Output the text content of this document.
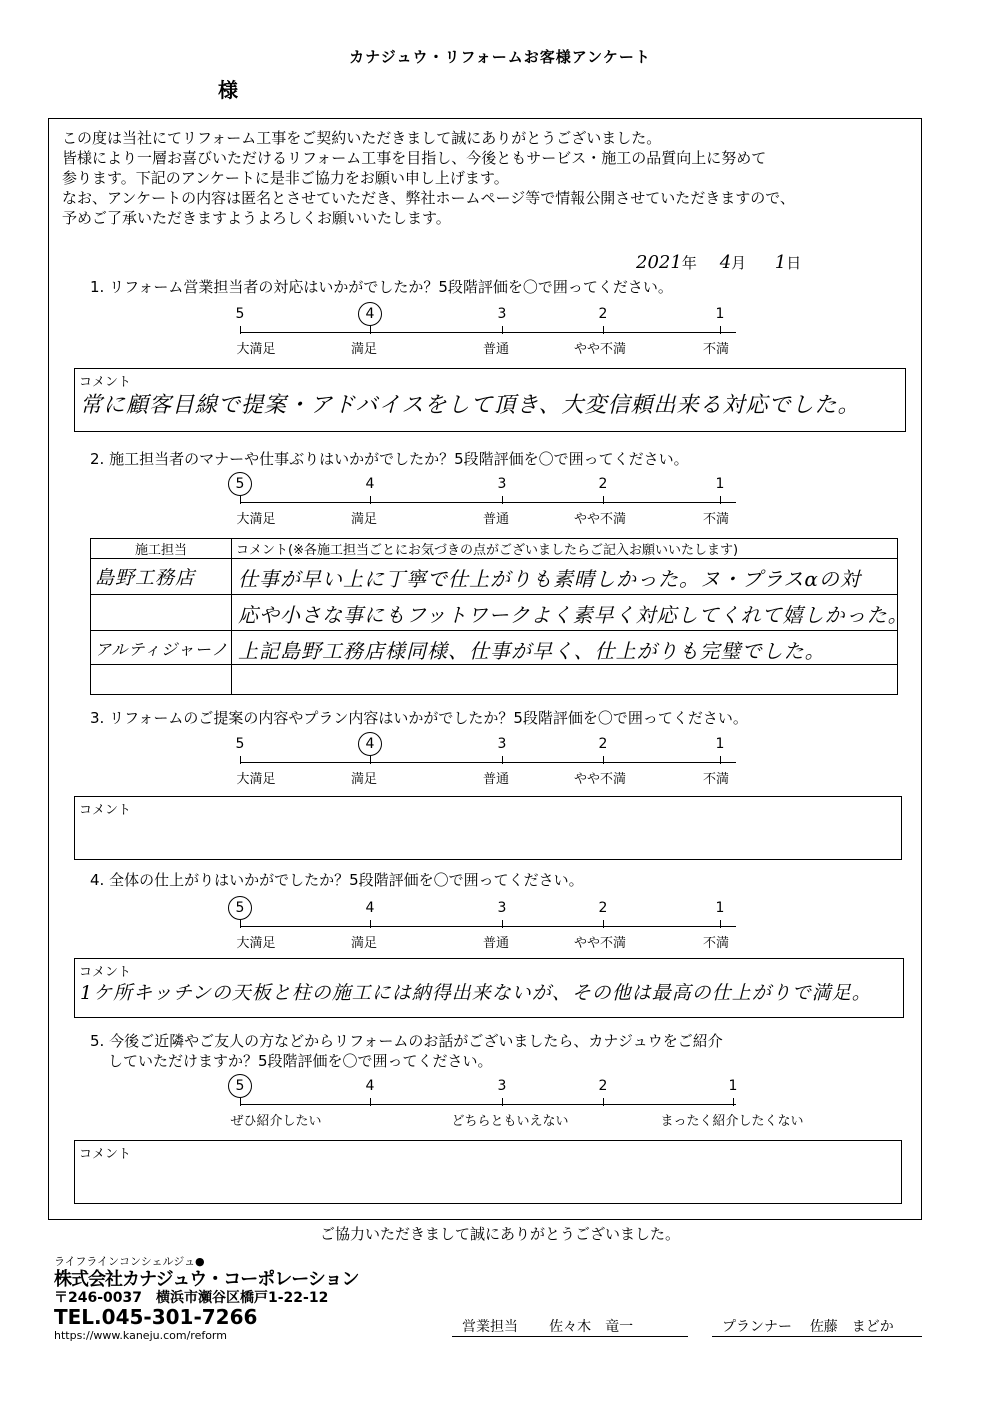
カナジュウ・リフォームお客様アンケート
様
この度は当社にてリフォーム工事をご契約いただきまして誠にありがとうございました。
皆様により一層お喜びいただけるリフォーム工事を目指し、今後ともサービス・施工の品質向上に努めて
参ります。下記のアンケートに是非ご協力をお願い申し上げます。
なお、アンケートの内容は匿名とさせていただき、弊社ホームページ等で情報公開させていただきますので、
予めご了承いただきますようよろしくお願いいたします。
2021年 4月 1日
1. リフォーム営業担当者の対応はいかがでしたか？5段階評価を〇で囲ってください。
5	4	3	2	1
大満足	満足	普通	やや不満	不満
コメント
常に顧客目線で提案・アドバイスをして頂き、大変信頼出来る対応でした。
2. 施工担当者のマナーや仕事ぶりはいかがでしたか？5段階評価を〇で囲ってください。
5	4	3	2	1
大満足	満足	普通	やや不満	不満
施工担当	コメント(※各施工担当ごとにお気づきの点がございましたらご記入お願いいたします)

島野工務店	仕事が早い上に丁寧で仕上がりも素晴しかった。ヌ・プラスαの対

	応や小さな事にもフットワークよく素早く対応してくれて嬉しかった。

アルティジャーノ	上記島野工務店様同様、仕事が早く、仕上がりも完璧でした。

3. リフォームのご提案の内容やプラン内容はいかがでしたか？5段階評価を〇で囲ってください。
5	4	3	2	1
大満足	満足	普通	やや不満	不満
コメント
4. 全体の仕上がりはいかがでしたか？5段階評価を〇で囲ってください。
5	4	3	2	1
大満足	満足	普通	やや不満	不満
コメント
1ケ所キッチンの天板と柱の施工には納得出来ないが、その他は最高の仕上がりで満足。
5. 今後ご近隣やご友人の方などからリフォームのお話がございましたら、カナジュウをご紹介
していただけますか？5段階評価を〇で囲ってください。
5	4	3	2	1
ぜひ紹介したい	どちらともいえない	まったく紹介したくない
コメント
ご協力いただきまして誠にありがとうございました。
ライフラインコンシェルジュ●
株式会社カナジュウ・コーポレーション
〒246-0037　横浜市瀬谷区橋戸1-22-12
TEL.045-301-7266
https://www.kaneju.com/reform
営業担当 佐々木　竜一	プランナー 佐藤　まどか
